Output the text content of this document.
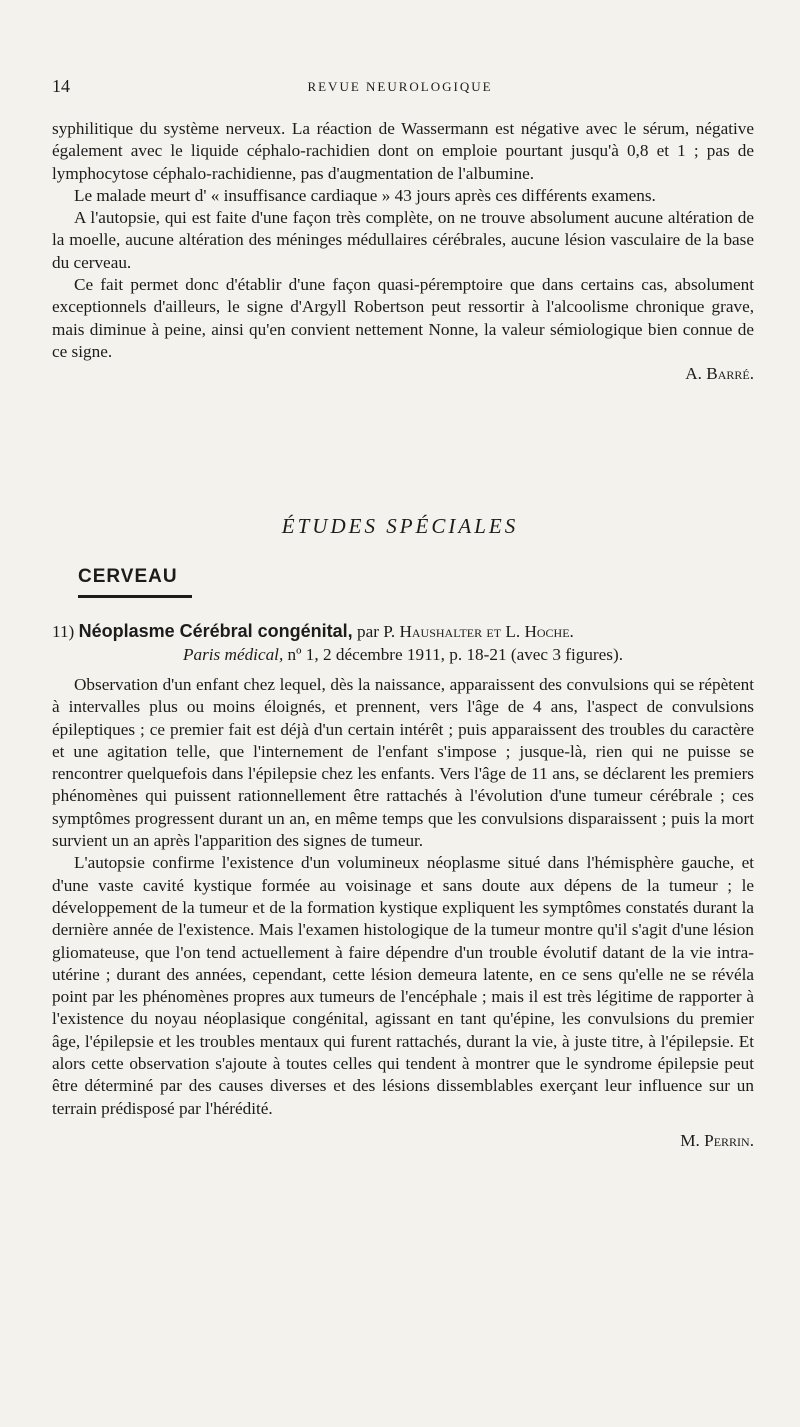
14	REVUE NEUROLOGIQUE

syphilitique du système nerveux. La réaction de Wassermann est négative avec le sérum, négative également avec le liquide céphalo-rachidien dont on emploie pourtant jusqu'à 0,8 et 1 ; pas de lymphocytose céphalo-rachidienne, pas d'augmentation de l'albumine.

Le malade meurt d' « insuffisance cardiaque » 43 jours après ces différents examens.

A l'autopsie, qui est faite d'une façon très complète, on ne trouve absolument aucune altération de la moelle, aucune altération des méninges médullaires cérébrales, aucune lésion vasculaire de la base du cerveau.

Ce fait permet donc d'établir d'une façon quasi-péremptoire que dans certains cas, absolument exceptionnels d'ailleurs, le signe d'Argyll Robertson peut ressortir à l'alcoolisme chronique grave, mais diminue à peine, ainsi qu'en convient nettement Nonne, la valeur sémiologique bien connue de ce signe.

A. Barré.

ÉTUDES SPÉCIALES
CERVEAU
11) Néoplasme Cérébral congénital, par P. Haushalter et L. Hoche.
Paris médical, nº 1, 2 décembre 1911, p. 18-21 (avec 3 figures).

Observation d'un enfant chez lequel, dès la naissance, apparaissent des convulsions qui se répètent à intervalles plus ou moins éloignés, et prennent, vers l'âge de 4 ans, l'aspect de convulsions épileptiques ; ce premier fait est déjà d'un certain intérêt ; puis apparaissent des troubles du caractère et une agitation telle, que l'internement de l'enfant s'impose ; jusque-là, rien qui ne puisse se rencontrer quelquefois dans l'épilepsie chez les enfants. Vers l'âge de 11 ans, se déclarent les premiers phénomènes qui puissent rationnellement être rattachés à l'évolution d'une tumeur cérébrale ; ces symptômes progressent durant un an, en même temps que les convulsions disparaissent ; puis la mort survient un an après l'apparition des signes de tumeur.

L'autopsie confirme l'existence d'un volumineux néoplasme situé dans l'hémisphère gauche, et d'une vaste cavité kystique formée au voisinage et sans doute aux dépens de la tumeur ; le développement de la tumeur et de la formation kystique expliquent les symptômes constatés durant la dernière année de l'existence. Mais l'examen histologique de la tumeur montre qu'il s'agit d'une lésion gliomateuse, que l'on tend actuellement à faire dépendre d'un trouble évolutif datant de la vie intra-utérine ; durant des années, cependant, cette lésion demeura latente, en ce sens qu'elle ne se révéla point par les phénomènes propres aux tumeurs de l'encéphale ; mais il est très légitime de rapporter à l'existence du noyau néoplasique congénital, agissant en tant qu'épine, les convulsions du premier âge, l'épilepsie et les troubles mentaux qui furent rattachés, durant la vie, à juste titre, à l'épilepsie. Et alors cette observation s'ajoute à toutes celles qui tendent à montrer que le syndrome épilepsie peut être déterminé par des causes diverses et des lésions dissemblables exerçant leur influence sur un terrain prédisposé par l'hérédité.

M. Perrin.
